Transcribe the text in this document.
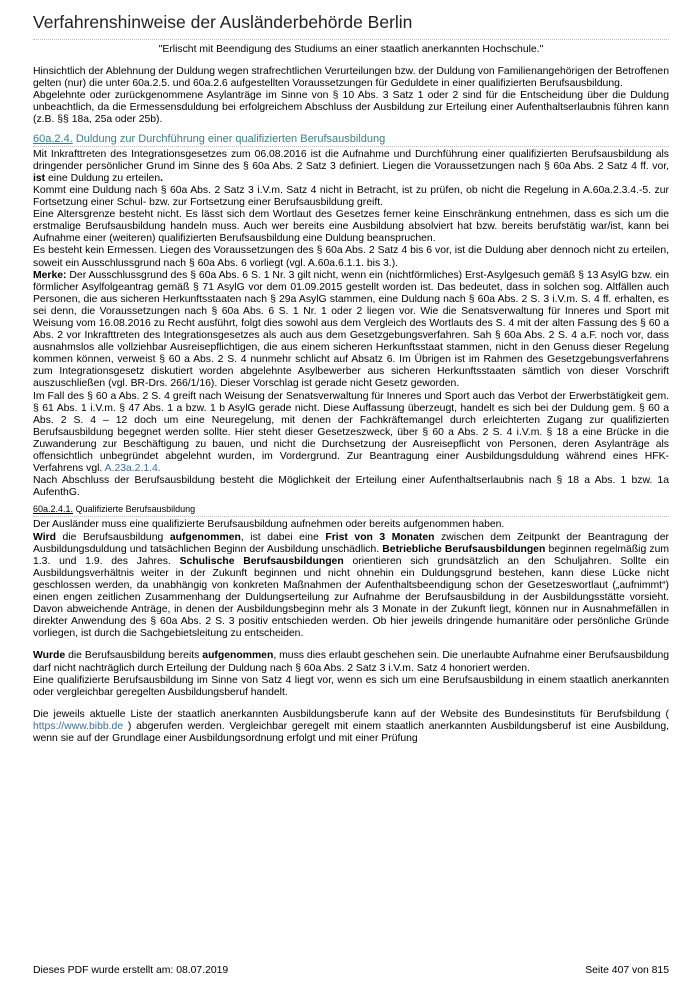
Verfahrenshinweise der Ausländerbehörde Berlin

"Erlischt mit Beendigung des Studiums an einer staatlich anerkannten Hochschule."

Hinsichtlich der Ablehnung der Duldung wegen strafrechtlichen Verurteilungen bzw. der Duldung von Familienangehörigen der Betroffenen gelten (nur) die unter 60a.2.5. und 60a.2.6 aufgestellten Voraussetzungen für Geduldete in einer qualifizierten Berufsausbildung.

Abgelehnte oder zurückgenommene Asylanträge im Sinne von § 10 Abs. 3 Satz 1 oder 2 sind für die Entscheidung über die Duldung unbeachtlich, da die Ermessensduldung bei erfolgreichem Abschluss der Ausbildung zur Erteilung einer Aufenthaltserlaubnis führen kann (z.B. §§ 18a, 25a oder 25b).

60a.2.4. Duldung zur Durchführung einer qualifizierten Berufsausbildung

Mit Inkrafttreten des Integrationsgesetzes zum 06.08.2016 ist die Aufnahme und Durchführung einer qualifizierten Berufsausbildung als dringender persönlicher Grund im Sinne des § 60a Abs. 2 Satz 3 definiert. Liegen die Voraussetzungen nach § 60a Abs. 2 Satz 4 ff. vor, ist eine Duldung zu erteilen.

Kommt eine Duldung nach § 60a Abs. 2 Satz 3 i.V.m. Satz 4 nicht in Betracht, ist zu prüfen, ob nicht die Regelung in A.60a.2.3.4.-5. zur Fortsetzung einer Schul- bzw. zur Fortsetzung einer Berufsausbildung greift.

Eine Altersgrenze besteht nicht. Es lässt sich dem Wortlaut des Gesetzes ferner keine Einschränkung entnehmen, dass es sich um die erstmalige Berufsausbildung handeln muss. Auch wer bereits eine Ausbildung absolviert hat bzw. bereits berufstätig war/ist, kann bei Aufnahme einer (weiteren) qualifizierten Berufsausbildung eine Duldung beanspruchen.

Es besteht kein Ermessen. Liegen des Voraussetzungen des § 60a Abs. 2 Satz 4 bis 6 vor, ist die Duldung aber dennoch nicht zu erteilen, soweit ein Ausschlussgrund nach § 60a Abs. 6 vorliegt (vgl. A.60a.6.1.1. bis 3.).

Merke: Der Ausschlussgrund des § 60a Abs. 6 S. 1 Nr. 3 gilt nicht, wenn ein (nichtförmliches) Erst-Asylgesuch gemäß § 13 AsylG bzw. ein förmlicher Asylfolgeantrag gemäß § 71 AsylG vor dem 01.09.2015 gestellt worden ist. Das bedeutet, dass in solchen sog. Altfällen auch Personen, die aus sicheren Herkunftsstaaten nach § 29a AsylG stammen, eine Duldung nach § 60a Abs. 2 S. 3 i.V.m. S. 4 ff. erhalten, es sei denn, die Voraussetzungen nach § 60a Abs. 6 S. 1 Nr. 1 oder 2 liegen vor. Wie die Senatsverwaltung für Inneres und Sport mit Weisung vom 16.08.2016 zu Recht ausführt, folgt dies sowohl aus dem Vergleich des Wortlauts des S. 4 mit der alten Fassung des § 60 a Abs. 2 vor Inkrafttreten des Integrationsgesetzes als auch aus dem Gesetzgebungsverfahren. Sah § 60a Abs. 2 S. 4 a.F. noch vor, dass ausnahmslos alle vollziehbar Ausreisepflichtigen, die aus einem sicheren Herkunftsstaat stammen, nicht in den Genuss dieser Regelung kommen können, verweist § 60 a Abs. 2 S. 4 nunmehr schlicht auf Absatz 6. Im Übrigen ist im Rahmen des Gesetzgebungsverfahrens zum Integrationsgesetz diskutiert worden abgelehnte Asylbewerber aus sicheren Herkunftsstaaten sämtlich von dieser Vorschrift auszuschließen (vgl. BR-Drs. 266/1/16). Dieser Vorschlag ist gerade nicht Gesetz geworden.

Im Fall des § 60 a Abs. 2 S. 4 greift nach Weisung der Senatsverwaltung für Inneres und Sport auch das Verbot der Erwerbstätigkeit gem. § 61 Abs. 1 i.V.m. § 47 Abs. 1 a bzw. 1 b AsylG gerade nicht. Diese Auffassung überzeugt, handelt es sich bei der Duldung gem. § 60 a Abs. 2 S. 4 – 12 doch um eine Neuregelung, mit denen der Fachkräftemangel durch erleichterten Zugang zur qualifizierten Berufsausbildung begegnet werden sollte. Hier steht dieser Gesetzeszweck, über § 60 a Abs. 2 S. 4 i.V.m. § 18 a eine Brücke in die Zuwanderung zur Beschäftigung zu bauen, und nicht die Durchsetzung der Ausreisepflicht von Personen, deren Asylanträge als offensichtlich unbegründet abgelehnt wurden, im Vordergrund. Zur Beantragung einer Ausbildungsduldung während eines HFK-Verfahrens vgl. A.23a.2.1.4.

Nach Abschluss der Berufsausbildung besteht die Möglichkeit der Erteilung einer Aufenthaltserlaubnis nach § 18 a Abs. 1 bzw. 1a AufenthG.

60a.2.4.1. Qualifizierte Berufsausbildung

Der Ausländer muss eine qualifizierte Berufsausbildung aufnehmen oder bereits aufgenommen haben.

Wird die Berufsausbildung aufgenommen, ist dabei eine Frist von 3 Monaten zwischen dem Zeitpunkt der Beantragung der Ausbildungsduldung und tatsächlichen Beginn der Ausbildung unschädlich. Betriebliche Berufsausbildungen beginnen regelmäßig zum 1.3. und 1.9. des Jahres. Schulische Berufsausbildungen orientieren sich grundsätzlich an den Schuljahren. Sollte ein Ausbildungsverhältnis weiter in der Zukunft beginnen und nicht ohnehin ein Duldungsgrund bestehen, kann diese Lücke nicht geschlossen werden, da unabhängig von konkreten Maßnahmen der Aufenthaltsbeendigung schon der Gesetzeswortlaut („aufnimmt“) einen engen zeitlichen Zusammenhang der Duldungserteilung zur Aufnahme der Berufsausbildung in der Ausbildungsstätte vorsieht. Davon abweichende Anträge, in denen der Ausbildungsbeginn mehr als 3 Monate in der Zukunft liegt, können nur in Ausnahmefällen in direkter Anwendung des § 60a Abs. 2 S. 3 positiv entschieden werden. Ob hier jeweils dringende humanitäre oder persönliche Gründe vorliegen, ist durch die Sachgebietsleitung zu entscheiden.

Wurde die Berufsausbildung bereits aufgenommen, muss dies erlaubt geschehen sein. Die unerlaubte Aufnahme einer Berufsausbildung darf nicht nachträglich durch Erteilung der Duldung nach § 60a Abs. 2 Satz 3 i.V.m. Satz 4 honoriert werden.

Eine qualifizierte Berufsausbildung im Sinne von Satz 4 liegt vor, wenn es sich um eine Berufsausbildung in einem staatlich anerkannten oder vergleichbar geregelten Ausbildungsberuf handelt.

Die jeweils aktuelle Liste der staatlich anerkannten Ausbildungsberufe kann auf der Website des Bundesinstituts für Berufsbildung ( https://www.bibb.de ) abgerufen werden. Vergleichbar geregelt mit einem staatlich anerkannten Ausbildungsberuf ist eine Ausbildung, wenn sie auf der Grundlage einer Ausbildungsordnung erfolgt und mit einer Prüfung

Dieses PDF wurde erstellt am: 08.07.2019	Seite 407 von 815
